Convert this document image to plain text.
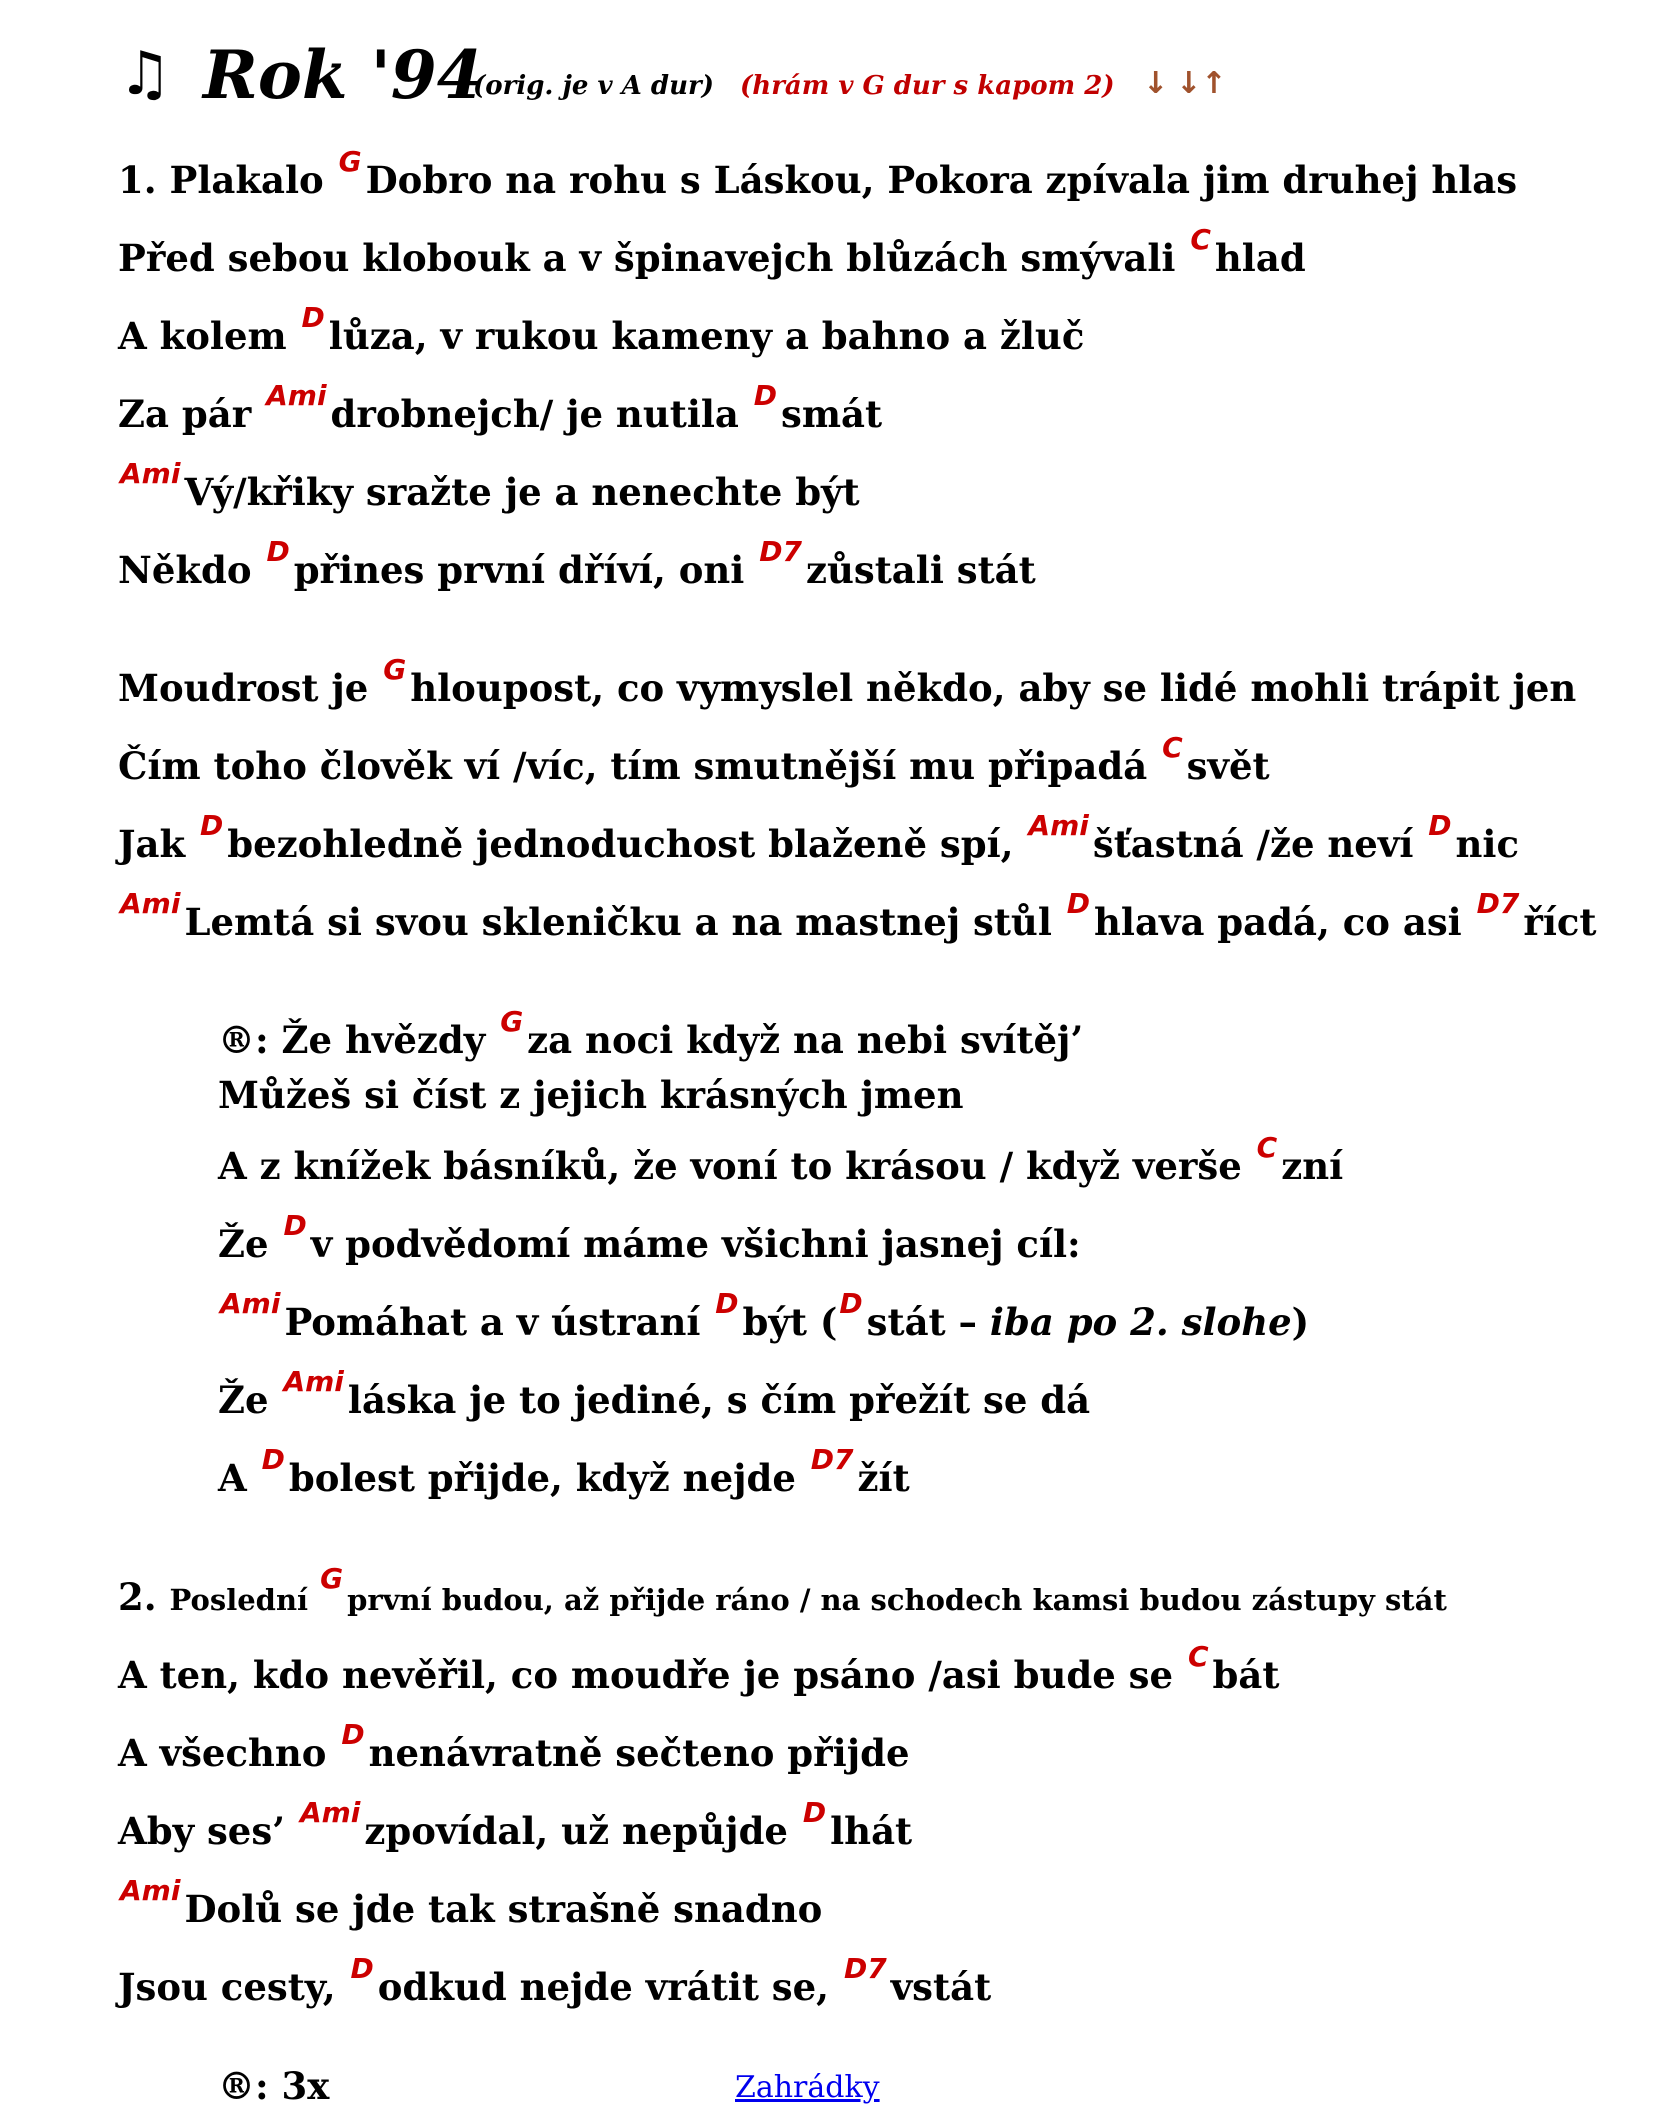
♫ Rok '94
(orig. je v A dur) (hrám v G dur s kapom 2) ↓ ↓↑
1. Plakalo $^G$ Dobro na rohu s Láskou, Pokora zpívala jim druhej hlas
Před sebou klobouk a v špinavejch blůzách smývali $^C$ hlad
A kolem $^D$ lůza, v rukou kameny a bahno a žluč
Za pár $^{Ami}$ drobnejch/ je nutila $^D$ smát
$^{Ami}$ Vý/křiky sražte je a nenechte být
Někdo $^D$ přines první dříví, oni $^{D7}$ zůstali stát
Moudrost je $^G$ hloupost, co vymyslel někdo, aby se lidé mohli trápit jen
Čím toho člověk ví /víc, tím smutnější mu připadá $^C$ svět
Jak $^D$ bezohledně jednoduchost blaženě spí, $^{Ami}$ šťastná /že neví $^D$ nic
$^{Ami}$ Lemtá si svou skleničku a na mastnej stůl $^D$ hlava padá, co asi $^{D7}$ říct
®: Že hvězdy $^G$ za noci když na nebi svítěj’
Můžeš si číst z jejich krásných jmen
A z knížek básníků, že voní to krásou / když verše $^C$ zní
Že $^D$ v podvědomí máme všichni jasnej cíl:
$^{Ami}$ Pomáhat a v ústraní $^D$ být ($^D$ stát – iba po 2. slohe)
Že $^{Ami}$ láska je to jediné, s čím přežít se dá
A $^D$ bolest přijde, když nejde $^{D7}$ žít
2. Poslední $^G$první budou, až přijde ráno / na schodech kamsi budou zástupy stát
A ten, kdo nevěřil, co moudře je psáno /asi bude se $^C$ bát
A všechno $^D$ nenávratně sečteno přijde
Aby ses’ $^{Ami}$ zpovídal, už nepůjde $^D$ lhát
$^{Ami}$ Dolů se jde tak strašně snadno
Jsou cesty, $^D$ odkud nejde vrátit se, $^{D7}$ vstát
®: 3x	Zahrádky
